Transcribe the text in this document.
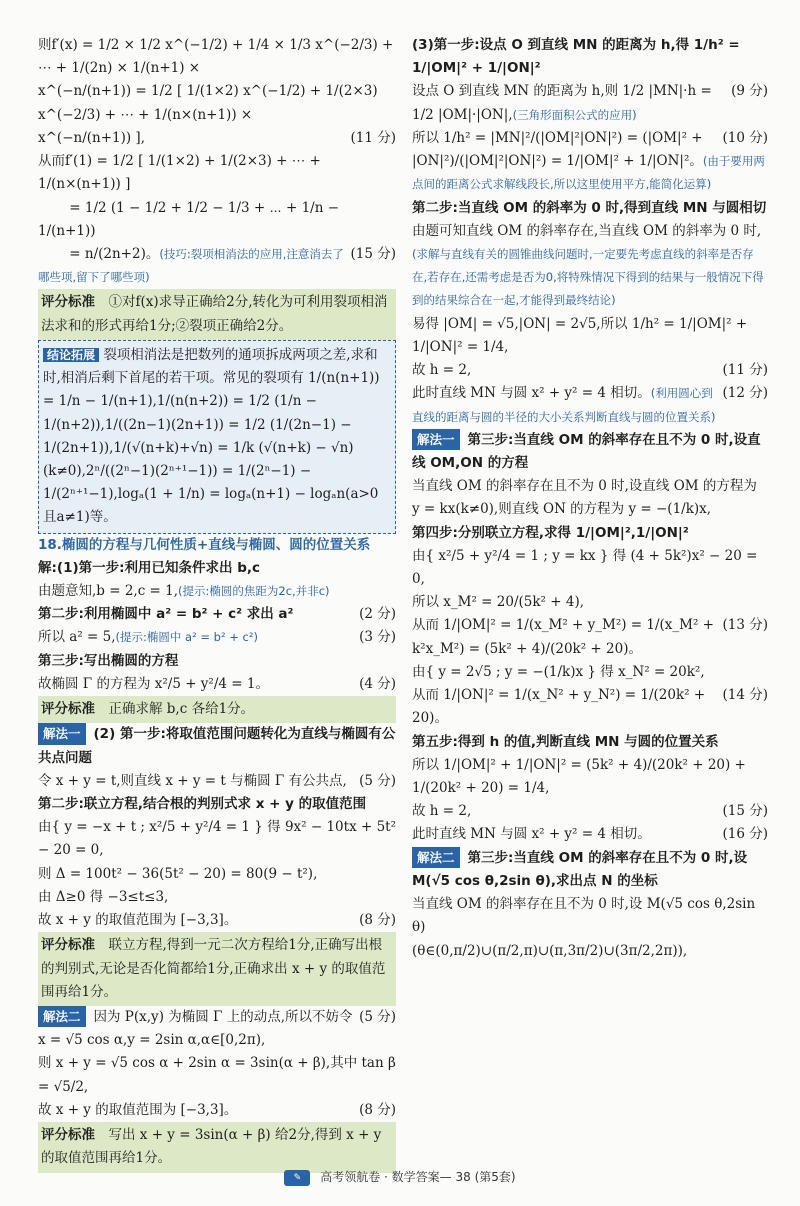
则f′(x) = 1/2 × 1/2 x^(−1/2) + 1/4 × 1/3 x^(−2/3) + ⋯ + 1/(2n) × 1/(n+1) ×
x^(−n/(n+1)) = 1/2 [ 1/(1×2) x^(−1/2) + 1/(2×3) x^(−2/3) + ⋯ + 1/(n×(n+1)) ×
(11 分)
x^(−n/(n+1)) ],
从而f′(1) = 1/2 [ 1/(1×2) + 1/(2×3) + ⋯ + 1/(n×(n+1)) ]
　　 = 1/2 (1 − 1/2 + 1/2 − 1/3 + ⋯ + 1/n − 1/(n+1))
(15 分)
　　 = n/(2n+2)。(技巧:裂项相消法的应用,注意消去了哪些项,留下了哪些项)
评分标准　 ①对f(x)求导正确给2分,转化为可利用裂项相消法求和的形式再给1分;②裂项正确给2分。
结论拓展 裂项相消法是把数列的通项拆成两项之差,求和时,相消后剩下首尾的若干项。常见的裂项有 1/(n(n+1)) = 1/n − 1/(n+1),1/(n(n+2)) = 1/2 (1/n − 1/(n+2)),1/((2n−1)(2n+1)) = 1/2 (1/(2n−1) − 1/(2n+1)),1/(√(n+k)+√n) = 1/k (√(n+k) − √n)(k≠0),2ⁿ/((2ⁿ−1)(2ⁿ⁺¹−1)) = 1/(2ⁿ−1) − 1/(2ⁿ⁺¹−1),logₐ(1 + 1/n) = logₐ(n+1) − logₐn(a>0且a≠1)等。
18.椭圆的方程与几何性质+直线与椭圆、圆的位置关系
解:(1)第一步:利用已知条件求出 b,c
由题意知,b = 2,c = 1,(提示:椭圆的焦距为2c,并非c)
(2 分)
第二步:利用椭圆中 a² = b² + c² 求出 a²
(3 分)
所以 a² = 5,(提示:椭圆中 a² = b² + c²)
第三步:写出椭圆的方程
(4 分)
故椭圆 Γ 的方程为 x²/5 + y²/4 = 1。
评分标准　 正确求解 b,c 各给1分。
解法一 (2) 第一步:将取值范围问题转化为直线与椭圆有公共点问题
(5 分)
令 x + y = t,则直线 x + y = t 与椭圆 Γ 有公共点,
第二步:联立方程,结合根的判别式求 x + y 的取值范围
由{ y = −x + t ; x²/5 + y²/4 = 1 } 得 9x² − 10tx + 5t² − 20 = 0,
则 Δ = 100t² − 36(5t² − 20) = 80(9 − t²),
由 Δ≥0 得 −3≤t≤3,
(8 分)
故 x + y 的取值范围为 [−3,3]。
评分标准　 联立方程,得到一元二次方程给1分,正确写出根的判别式,无论是否化简都给1分,正确求出 x + y 的取值范围再给1分。
(5 分)
解法二 因为 P(x,y) 为椭圆 Γ 上的动点,所以不妨令 x = √5 cos α,y = 2sin α,α∈[0,2π),
则 x + y = √5 cos α + 2sin α = 3sin(α + β),其中 tan β = √5/2,
(8 分)
故 x + y 的取值范围为 [−3,3]。
评分标准　 写出 x + y = 3sin(α + β) 给2分,得到 x + y 的取值范围再给1分。
(3)第一步:设点 O 到直线 MN 的距离为 h,得 1/h² = 1/|OM|² + 1/|ON|²
(9 分)
设点 O 到直线 MN 的距离为 h,则 1/2 |MN|·h = 1/2 |OM|·|ON|,(三角形面积公式的应用)
(10 分)
所以 1/h² = |MN|²/(|OM|²|ON|²) = (|OM|² + |ON|²)/(|OM|²|ON|²) = 1/|OM|² + 1/|ON|²。(由于要用两点间的距离公式求解线段长,所以这里使用平方,能简化运算)
第二步:当直线 OM 的斜率为 0 时,得到直线 MN 与圆相切
由题可知直线 OM 的斜率存在,当直线 OM 的斜率为 0 时,(求解与直线有关的圆锥曲线问题时,一定要先考虑直线的斜率是否存在,若存在,还需考虑是否为0,将特殊情况下得到的结果与一般情况下得到的结果综合在一起,才能得到最终结论)
易得 |OM| = √5,|ON| = 2√5,所以 1/h² = 1/|OM|² + 1/|ON|² = 1/4,
(11 分)
故 h = 2,
(12 分)
此时直线 MN 与圆 x² + y² = 4 相切。(利用圆心到直线的距离与圆的半径的大小关系判断直线与圆的位置关系)
解法一 第三步:当直线 OM 的斜率存在且不为 0 时,设直线 OM,ON 的方程
当直线 OM 的斜率存在且不为 0 时,设直线 OM 的方程为 y = kx(k≠0),则直线 ON 的方程为 y = −(1/k)x,
第四步:分别联立方程,求得 1/|OM|²,1/|ON|²
由{ x²/5 + y²/4 = 1 ; y = kx } 得 (4 + 5k²)x² − 20 = 0,
所以 x_M² = 20/(5k² + 4),
(13 分)
从而 1/|OM|² = 1/(x_M² + y_M²) = 1/(x_M² + k²x_M²) = (5k² + 4)/(20k² + 20)。
由{ y = 2√5 ; y = −(1/k)x } 得 x_N² = 20k²,
(14 分)
从而 1/|ON|² = 1/(x_N² + y_N²) = 1/(20k² + 20)。
第五步:得到 h 的值,判断直线 MN 与圆的位置关系
所以 1/|OM|² + 1/|ON|² = (5k² + 4)/(20k² + 20) + 1/(20k² + 20) = 1/4,
(15 分)
故 h = 2,
(16 分)
此时直线 MN 与圆 x² + y² = 4 相切。
解法二 第三步:当直线 OM 的斜率存在且不为 0 时,设 M(√5 cos θ,2sin θ),求出点 N 的坐标
当直线 OM 的斜率存在且不为 0 时,设 M(√5 cos θ,2sin θ)
(θ∈(0,π/2)∪(π/2,π)∪(π,3π/2)∪(3π/2,2π)),
✎ 高考领航卷 · 数学答案— 38 (第5套)
